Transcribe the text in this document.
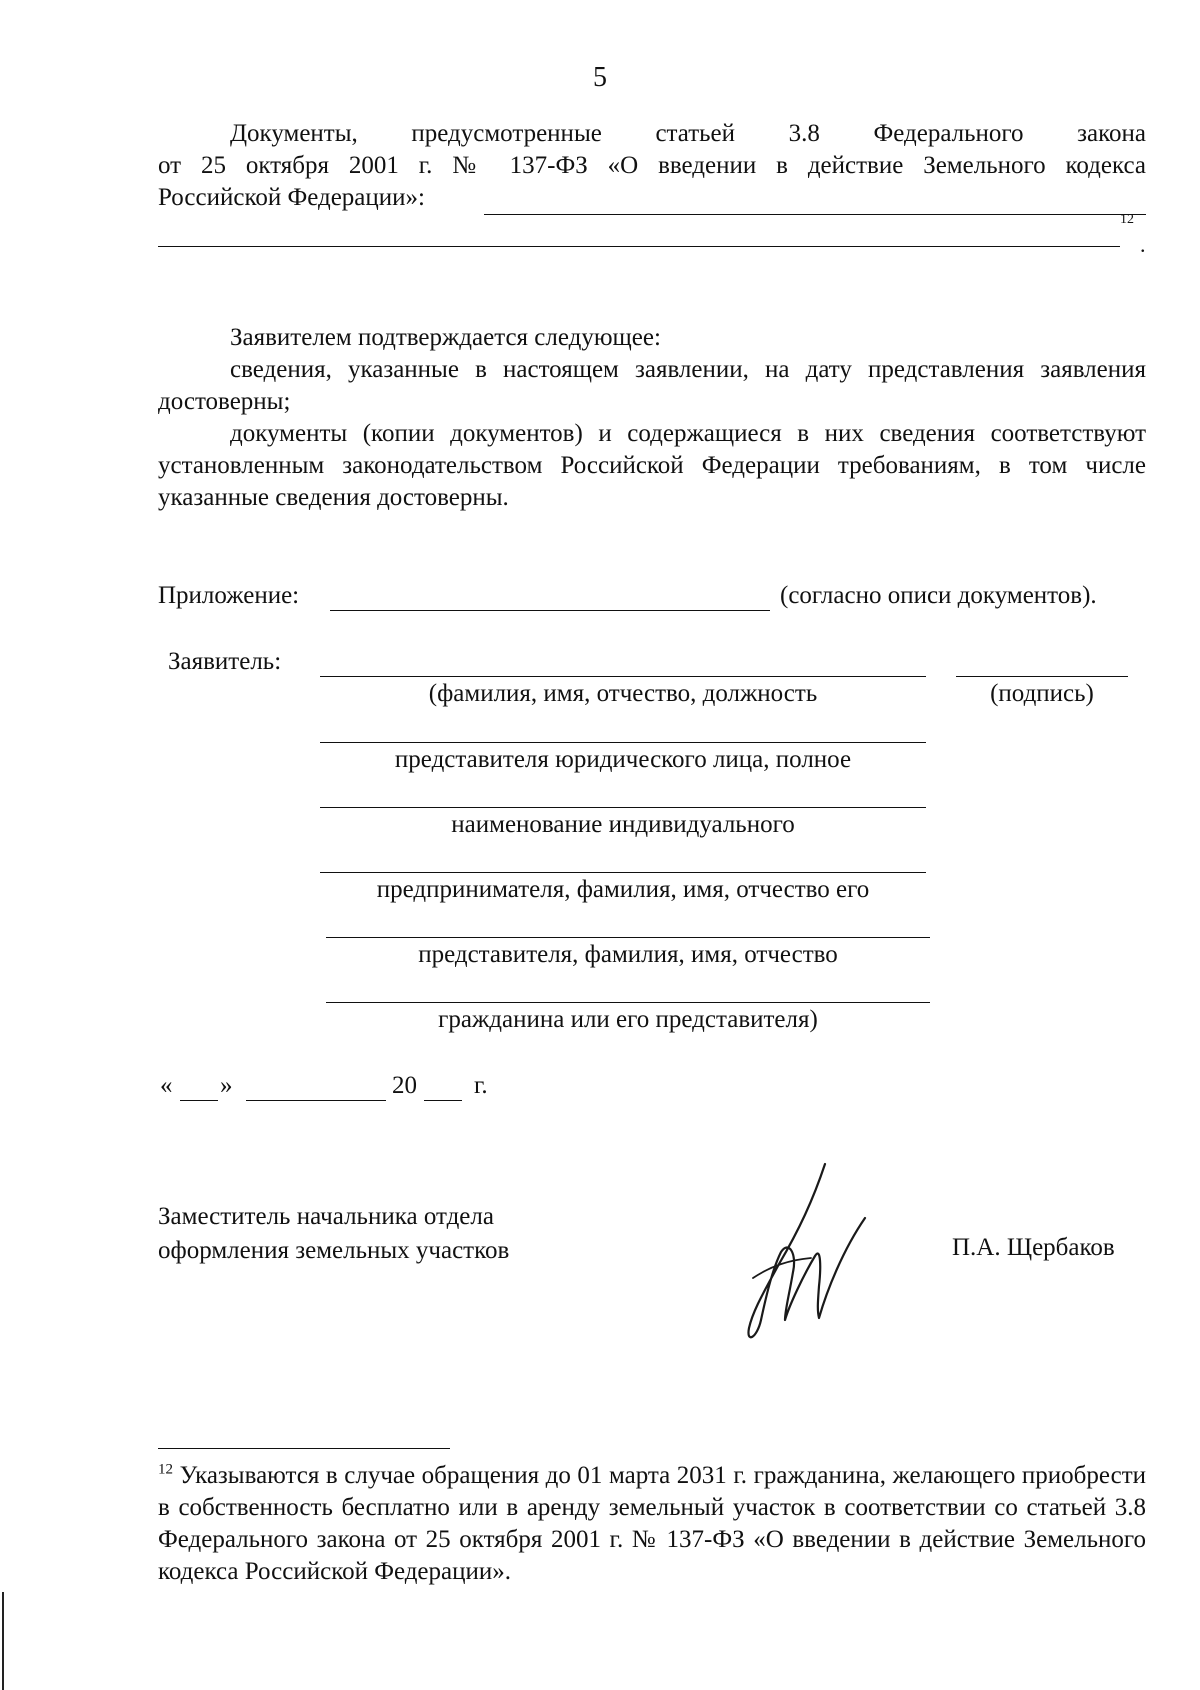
5
Документы, предусмотренные статьей 3.8 Федерального закона
от 25 октября 2001 г. № 137-ФЗ «О введении в действие Земельного кодекса
Российской Федерации»:
12
.
Заявителем подтверждается следующее:
сведения, указанные в настоящем заявлении, на дату представления заявления достоверны;
документы (копии документов) и содержащиеся в них сведения соответствуют установленным законодательством Российской Федерации требованиям, в том числе указанные сведения достоверны.
Приложение:	(согласно описи документов).
Заявитель:
(фамилия, имя, отчество, должность	(подпись)
представителя юридического лица, полное
наименование индивидуального
предпринимателя, фамилия, имя, отчество его
представителя, фамилия, имя, отчество
гражданина или его представителя)
« »	20 г.
Заместитель начальника отдела
оформления земельных участков	П.А. Щербаков
$^{12}$ Указываются в случае обращения до 01 марта 2031 г. гражданина, желающего приобрести в собственность бесплатно или в аренду земельный участок в соответствии со статьей 3.8 Федерального закона от 25 октября 2001 г. № 137-ФЗ «О введении в действие Земельного кодекса Российской Федерации».
